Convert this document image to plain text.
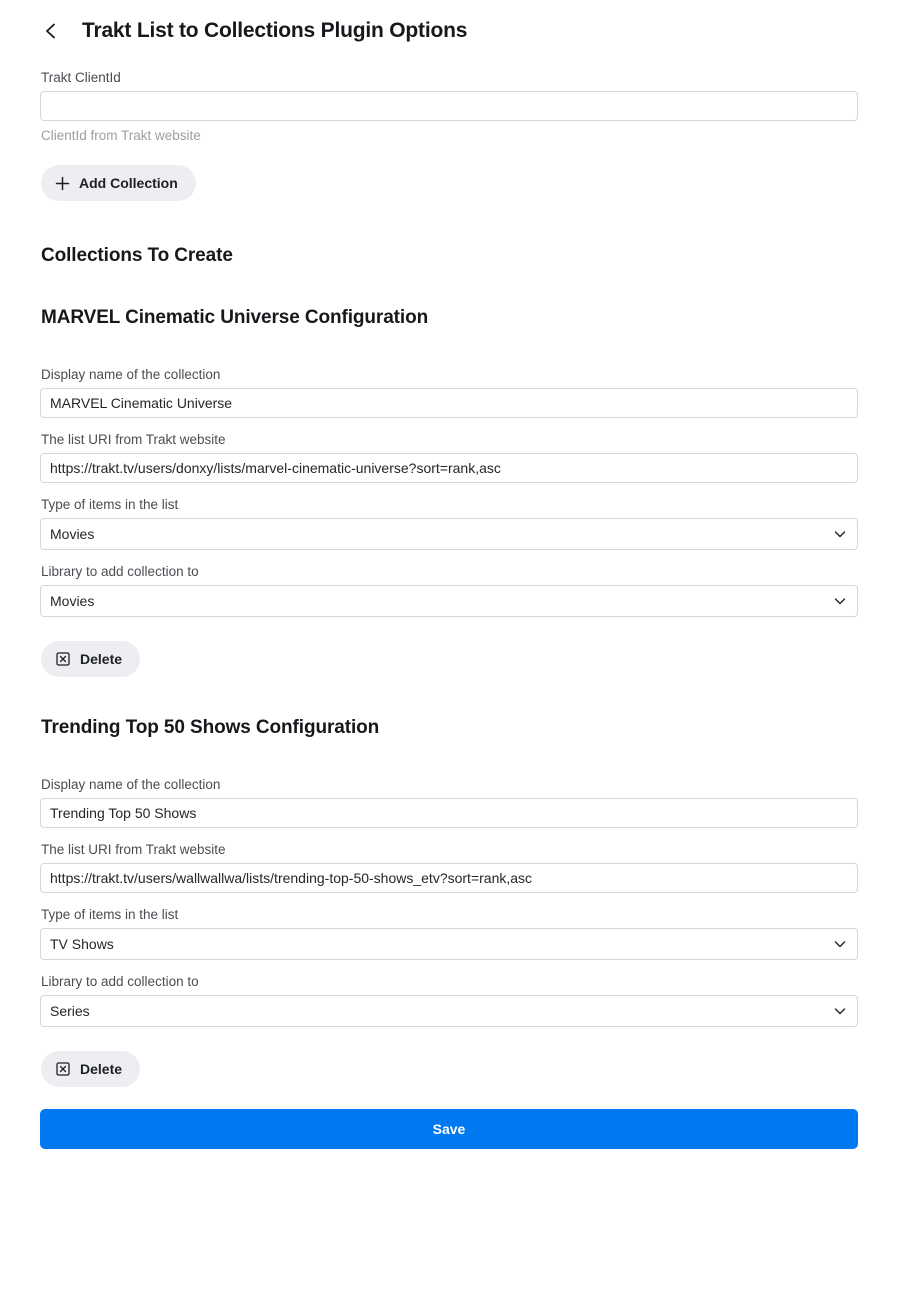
Trakt List to Collections Plugin Options
Trakt ClientId
ClientId from Trakt website
Add Collection
Collections To Create
MARVEL Cinematic Universe Configuration
Display name of the collection
MARVEL Cinematic Universe
The list URI from Trakt website
https://trakt.tv/users/donxy/lists/marvel-cinematic-universe?sort=rank,asc
Type of items in the list
Movies
Library to add collection to
Movies
Delete
Trending Top 50 Shows Configuration
Display name of the collection
Trending Top 50 Shows
The list URI from Trakt website
https://trakt.tv/users/wallwallwa/lists/trending-top-50-shows_etv?sort=rank,asc
Type of items in the list
TV Shows
Library to add collection to
Series
Delete
Save
